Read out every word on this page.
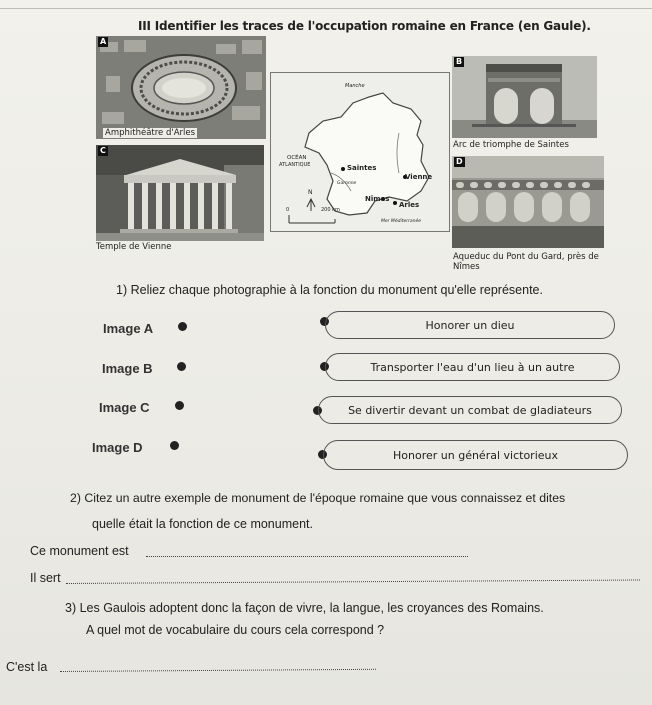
III Identifier les traces de l'occupation romaine en France (en Gaule).
A
Amphithéâtre d'Arles
B
Arc de triomphe de Saintes
C
Temple de Vienne
Manche
OCÉAN
ATLANTIQUE	Saintes
Vienne
Garonne
Nîmes
Arles
N
0	200 km
Mer Méditerranée
D
Aqueduc du Pont du Gard, près de
Nîmes
1) Reliez chaque photographie à la fonction du monument qu'elle représente.
Image A
Image B
Image C
Image D
Honorer un dieu
Transporter l'eau d'un lieu à un autre
Se divertir devant un combat de gladiateurs
Honorer un général victorieux
2) Citez un autre exemple de monument de l'époque romaine que vous connaissez et dites
quelle était la fonction de ce monument.
Ce monument est
Il sert
3) Les Gaulois adoptent donc la façon de vivre, la langue, les croyances des Romains.
A quel mot de vocabulaire du cours cela correspond ?
C'est la
